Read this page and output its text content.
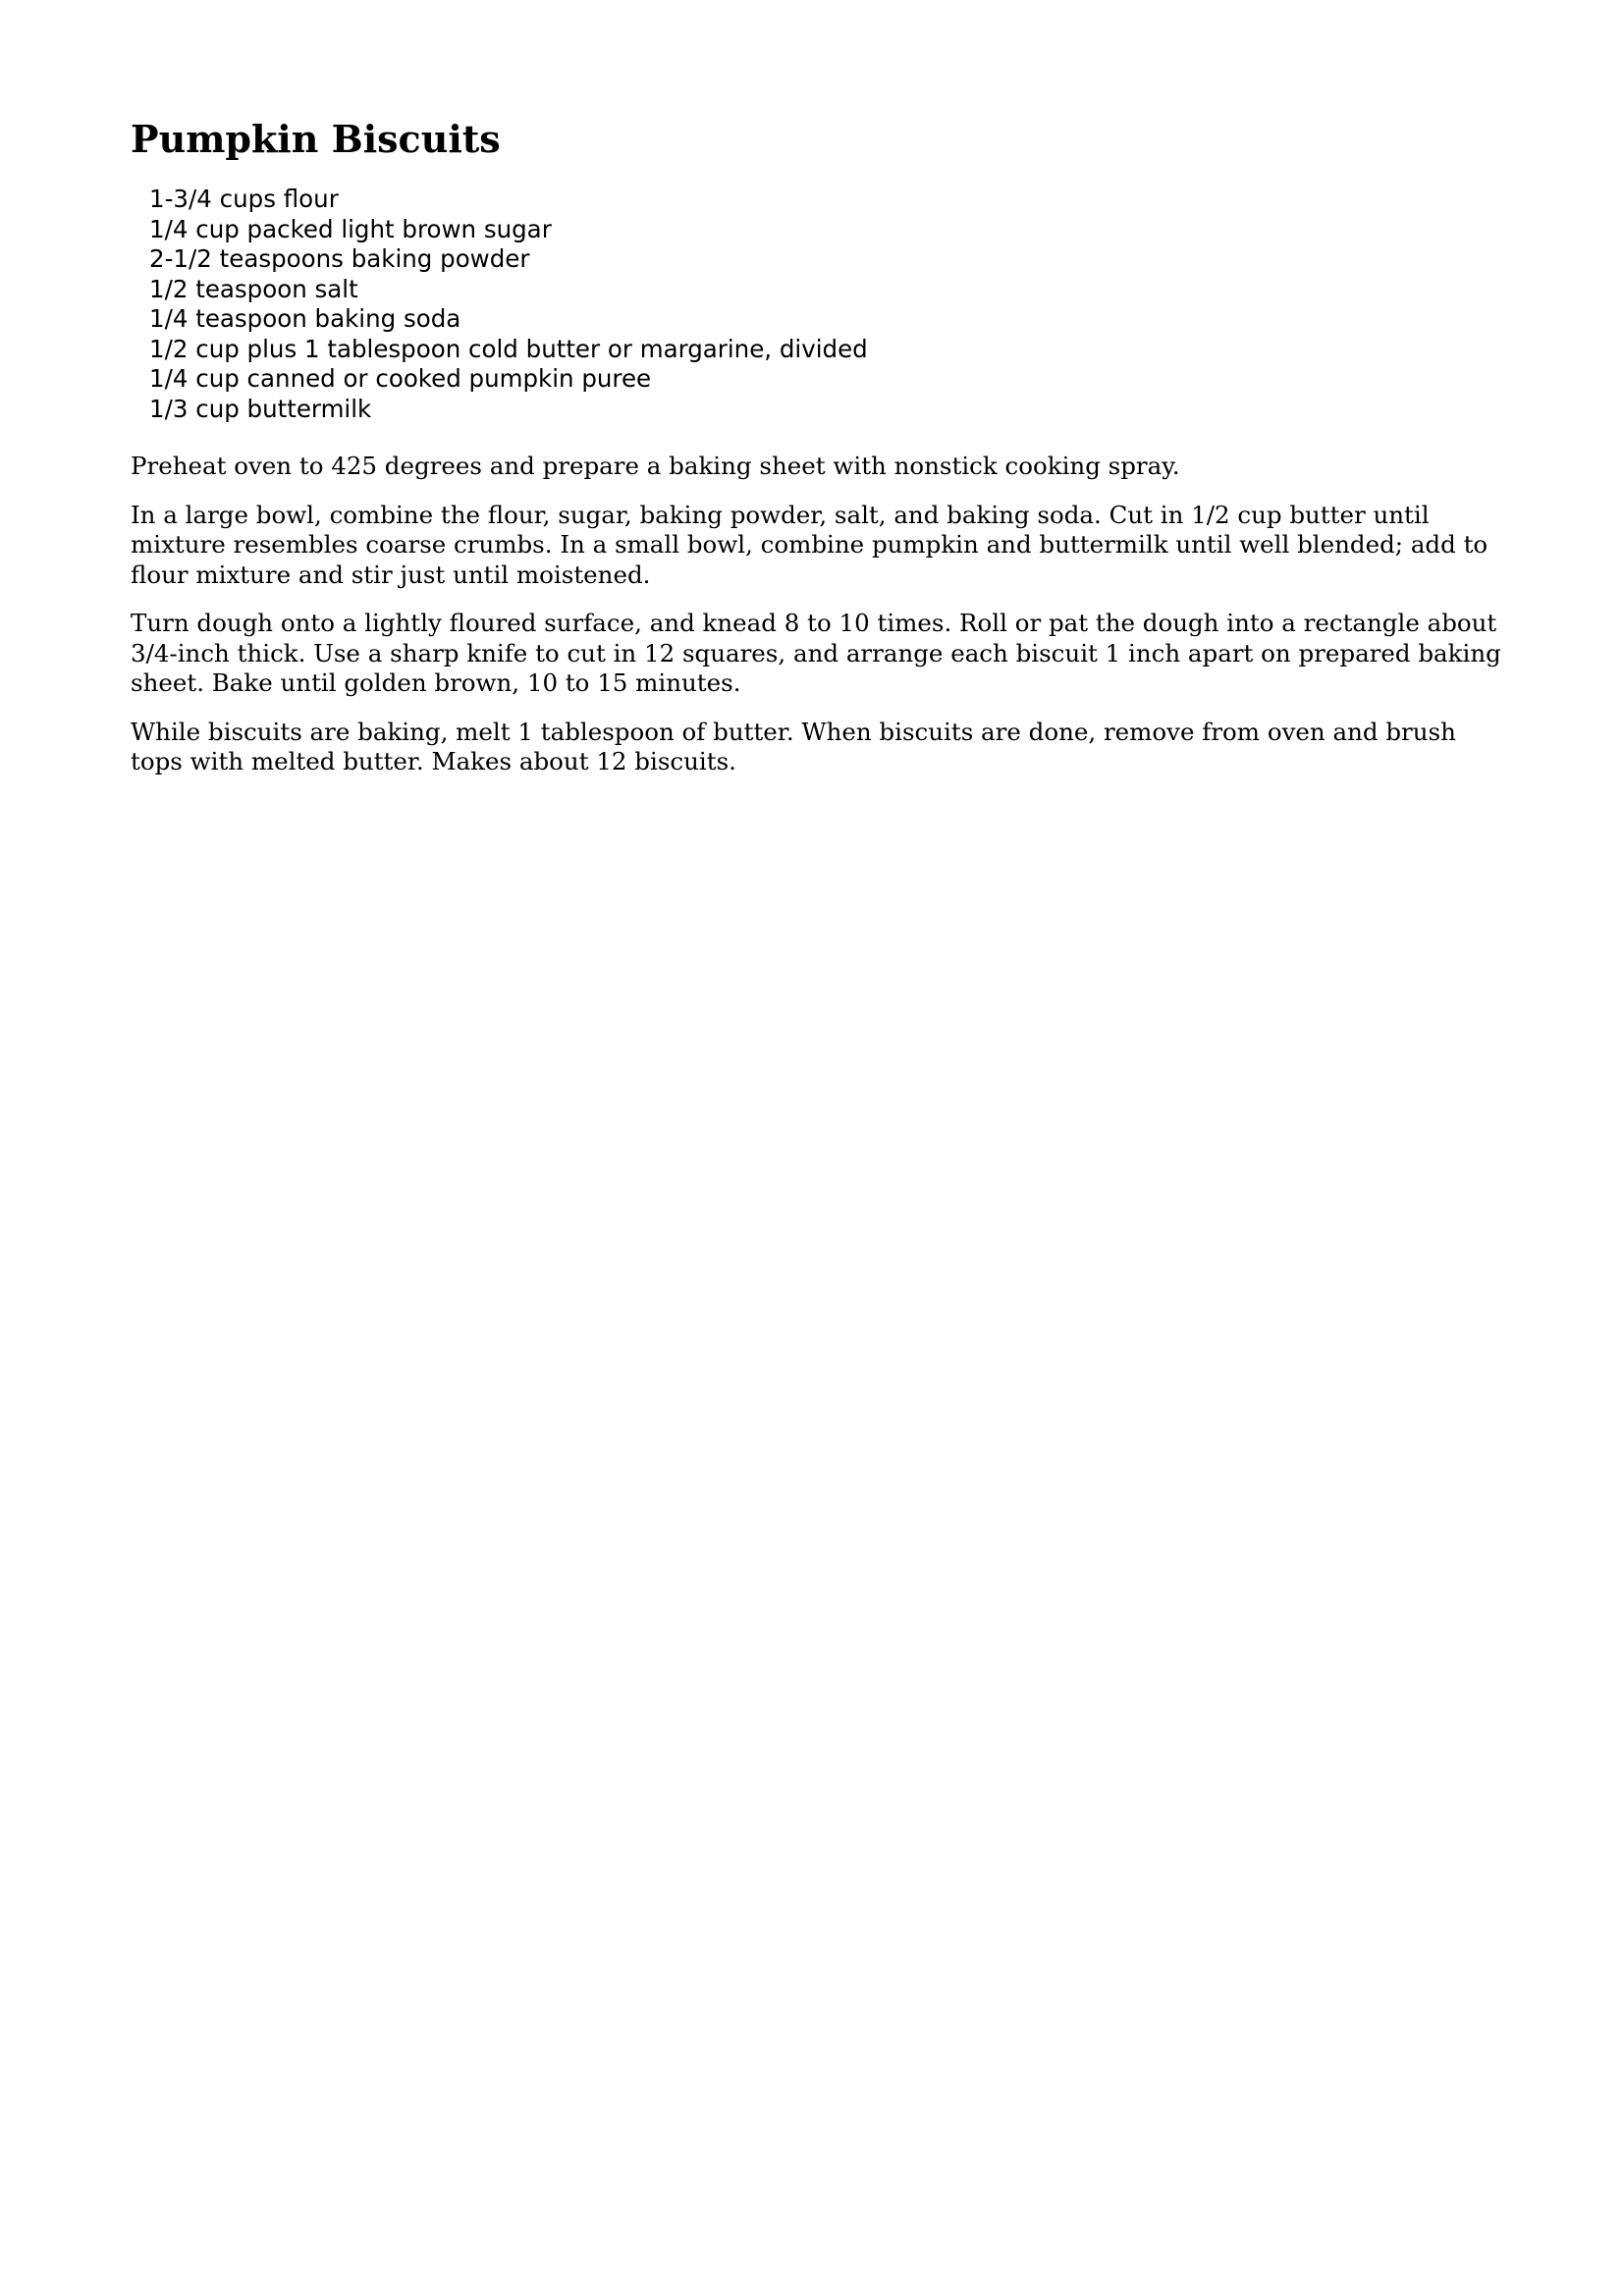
Pumpkin Biscuits
1-3/4 cups flour
1/4 cup packed light brown sugar
2-1/2 teaspoons baking powder
1/2 teaspoon salt
1/4 teaspoon baking soda
1/2 cup plus 1 tablespoon cold butter or margarine, divided
1/4 cup canned or cooked pumpkin puree
1/3 cup buttermilk

Preheat oven to 425 degrees and prepare a baking sheet with nonstick cooking spray.

In a large bowl, combine the flour, sugar, baking powder, salt, and baking soda. Cut in 1/2 cup butter until mixture resembles coarse crumbs. In a small bowl, combine pumpkin and buttermilk until well blended; add to flour mixture and stir just until moistened.

Turn dough onto a lightly floured surface, and knead 8 to 10 times. Roll or pat the dough into a rectangle about 3/4-inch thick. Use a sharp knife to cut in 12 squares, and arrange each biscuit 1 inch apart on prepared baking sheet. Bake until golden brown, 10 to 15 minutes.

While biscuits are baking, melt 1 tablespoon of butter. When biscuits are done, remove from oven and brush tops with melted butter. Makes about 12 biscuits.
